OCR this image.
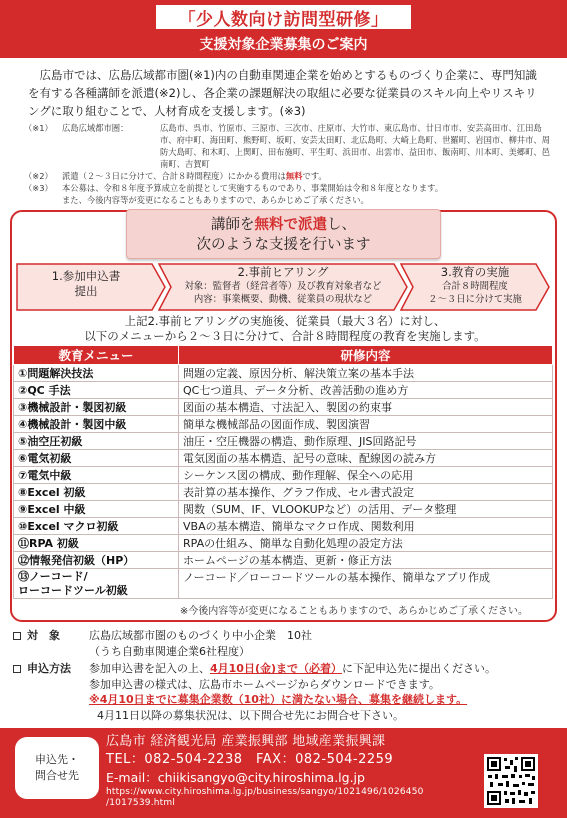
「少人数向け訪問型研修」
支援対象企業募集のご案内

広島市では、広島広域都市圏(※1)内の自動車関連企業を始めとするものづくり企業に、専門知識を有する各種講師を派遣(※2)し、各企業の課題解決の取組に必要な従業員のスキル向上やリスキリングに取り組むことで、人材育成を支援します。(※3)

（※1）	広島広域都市圏：	広島市、呉市、竹原市、三原市、三次市、庄原市、大竹市、東広島市、廿日市市、安芸高田市、江田島市、府中町、海田町、熊野町、坂町、安芸太田町、北広島町、大崎上島町、世羅町、岩国市、柳井市、周防大島町、和木町、上関町、田布施町、平生町、浜田市、出雲市、益田市、飯南町、川本町、美郷町、邑南町、吉賀町
（※2）	派遣（２～３日に分けて、合計８時間程度）にかかる費用は無料です。
（※3）	本公募は、令和８年度予算成立を前提として実施するものであり、事業開始は令和８年度となります。
また、今後内容等が変更になることもありますので、あらかじめご了承ください。
講師を無料で派遣し、
次のような支援を行います
1.参加申込書
提出
2.事前ヒアリング
対象：監督者（経営者等）及び教育対象者など
内容：事業概要、動機、従業員の現状など
3.教育の実施
合計８時間程度
２～３日に分けて実施
上記2.事前ヒアリングの実施後、従業員（最大３名）に対し、
以下のメニューから２～３日に分けて、合計８時間程度の教育を実施します。
教育メニュー	研修内容
①問題解決技法	問題の定義、原因分析、解決策立案の基本手法
②QC 手法	QC七つ道具、データ分析、改善活動の進め方
③機械設計・製図初級	図面の基本構造、寸法記入、製図の約束事
④機械設計・製図中級	簡単な機械部品の図面作成、製図演習
⑤油空圧初級	油圧・空圧機器の構造、動作原理、JIS回路記号
⑥電気初級	電気図面の基本構造、記号の意味、配線図の読み方
⑦電気中級	シーケンス図の構成、動作理解、保全への応用
⑧Excel 初級	表計算の基本操作、グラフ作成、セル書式設定
⑨Excel 中級	関数（SUM、IF、VLOOKUPなど）の活用、データ整理
⑩Excel マクロ初級	VBAの基本構造、簡単なマクロ作成、関数利用
⑪RPA 初級	RPAの仕組み、簡単な自動化処理の設定方法
⑫情報発信初級（HP）	ホームページの基本構造、更新・修正方法

⑬ノーコード/
ローコードツール初級	ノーコード／ローコードツールの基本操作、簡単なアプリ作成
※今後内容等が変更になることもありますので、あらかじめご了承ください。
対　象	広島広域都市圏のものづくり中小企業　10社
（うち自動車関連企業6社程度）
申込方法	参加申込書を記入の上、4月10日(金)まで（必着）に下記申込先に提出ください。
参加申込書の様式は、広島市ホームページからダウンロードできます。
※4月10日までに募集企業数（10社）に満たない場合、募集を継続します。
4月11日以降の募集状況は、以下問合せ先にお問合せ下さい。
申込先・
問合せ先
広島市 経済観光局 産業振興部 地域産業振興課
TEL：082-504-2238　FAX：082-504-2259
E-mail：chiikisangyo@city.hiroshima.lg.jp
https://www.city.hiroshima.lg.jp/business/sangyo/1021496/1026450
/1017539.html
